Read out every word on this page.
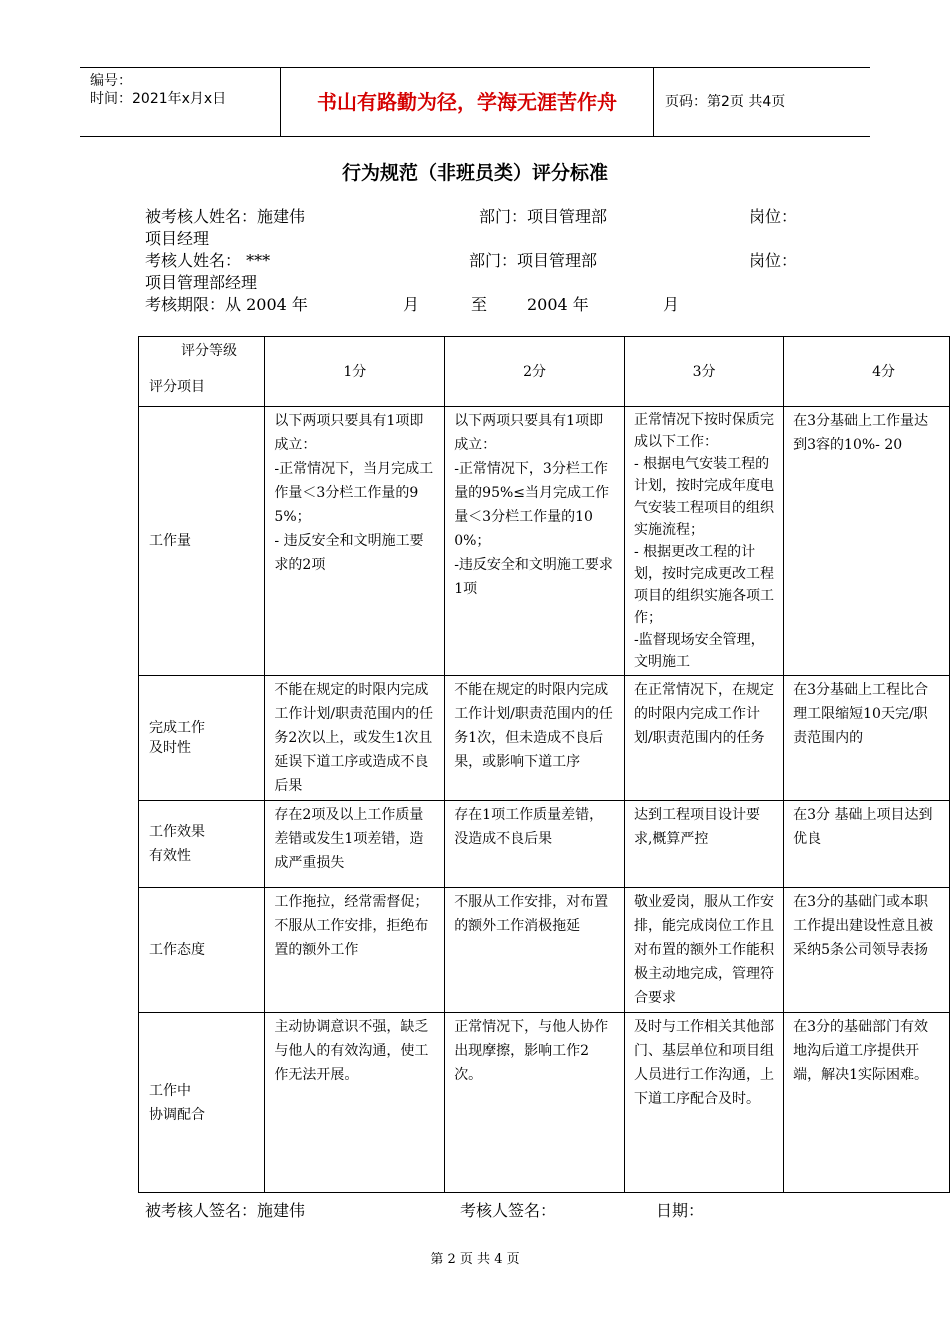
编号：
时间：2021年x月x日	书山有路勤为径，学海无涯苦作舟	页码：第2页 共4页
行为规范（非班员类）评分标准
被考核人姓名：施建伟	部门：项目管理部	岗位：
项目经理
考核人姓名： ***	部门：项目管理部	岗位：
项目管理部经理
考核期限：从 2004 年	月	至 2004 年	月
评分等级
评分项目	1分	2分	3分	4分
工作量	以下两项只要具有1项即成立：
-正常情况下，当月完成工作量＜3分栏工作量的95%；
- 违反安全和文明施工要求的2项	以下两项只要具有1项即成立：
-正常情况下，3分栏工作量的95%≤当月完成工作量＜3分栏工作量的100%；
-违反安全和文明施工要求1项	正常情况下按时保质完成以下工作：
- 根据电气安装工程的计划，按时完成年度电气安装工程项目的组织实施流程；
- 根据更改工程的计划，按时完成更改工程项目的组织实施各项工作；
-监督现场安全管理，文明施工	在3分基础上工作量达到3容的10%- 20
完成工作
及时性	不能在规定的时限内完成工作计划/职责范围内的任务2次以上，或发生1次且延误下道工序或造成不良后果	不能在规定的时限内完成工作计划/职责范围内的任务1次，但未造成不良后果，或影响下道工序	在正常情况下，在规定的时限内完成工作计划/职责范围内的任务	在3分基础上工程比合理工限缩短10天完/职责范围内的
工作效果
有效性	存在2项及以上工作质量差错或发生1项差错，造成严重损失	存在1项工作质量差错，没造成不良后果	达到工程项目设计要求,概算严控	在3分 基础上项目达到优良
工作态度	工作拖拉，经常需督促；不服从工作安排，拒绝布置的额外工作	不服从工作安排，对布置的额外工作消极拖延	敬业爱岗，服从工作安排，能完成岗位工作且对布置的额外工作能积极主动地完成，管理符合要求	在3分的基础门或本职工作提出建设性意且被采纳5条公司领导表扬
工作中
协调配合	主动协调意识不强，缺乏与他人的有效沟通，使工作无法开展。	正常情况下，与他人协作出现摩擦，影响工作2次。	及时与工作相关其他部门、基层单位和项目组人员进行工作沟通，上下道工序配合及时。	在3分的基础部门有效地沟后道工序提供开端，解决1实际困难。
被考核人签名：施建伟	考核人签名：	日期：
第 2 页 共 4 页
